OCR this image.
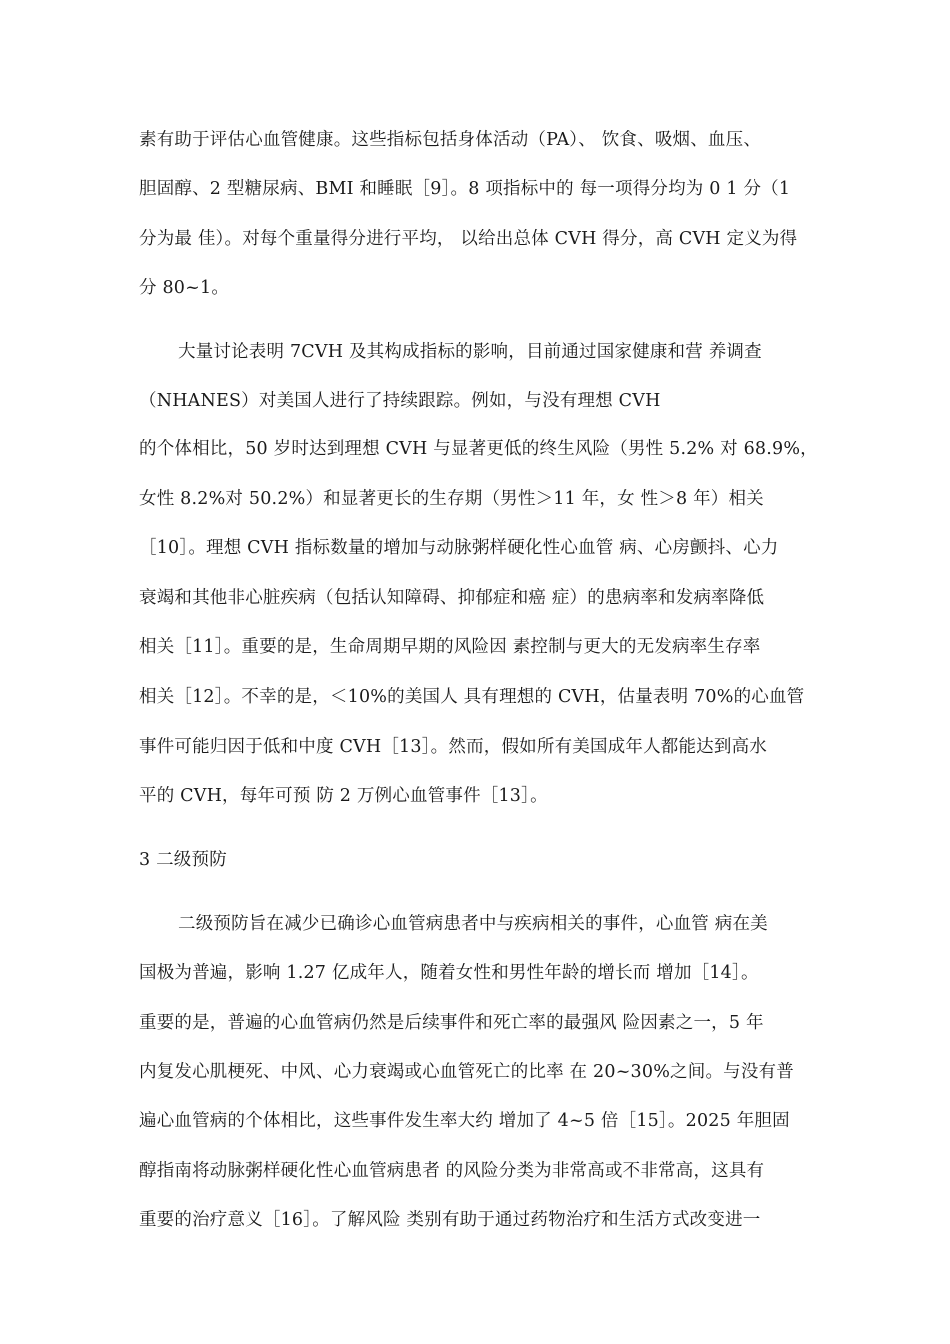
素有助于评估心血管健康。这些指标包括身体活动（PA）、 饮食、吸烟、血压、
胆固醇、2 型糖尿病、BMI 和睡眠［9］。8 项指标中的 每一项得分均为 0 1 分（1
分为最 佳）。对每个重量得分进行平均， 以给出总体 CVH 得分，高 CVH 定义为得
分 80~1。
大量讨论表明 7CVH 及其构成指标的影响，目前通过国家健康和营 养调查
（NHANES）对美国人进行了持续跟踪。例如，与没有理想 CVH
的个体相比，50 岁时达到理想 CVH 与显著更低的终生风险（男性 5.2% 对 68.9%，
女性 8.2%对 50.2%）和显著更长的生存期（男性＞11 年，女 性＞8 年）相关
［10］。理想 CVH 指标数量的增加与动脉粥样硬化性心血管 病、心房颤抖、心力
衰竭和其他非心脏疾病（包括认知障碍、抑郁症和癌 症）的患病率和发病率降低
相关［11］。重要的是，生命周期早期的风险因 素控制与更大的无发病率生存率
相关［12］。不幸的是，＜10%的美国人 具有理想的 CVH，估量表明 70%的心血管
事件可能归因于低和中度 CVH［13］。然而，假如所有美国成年人都能达到高水
平的 CVH，每年可预 防 2 万例心血管事件［13］。
3 二级预防
二级预防旨在减少已确诊心血管病患者中与疾病相关的事件，心血管 病在美
国极为普遍，影响 1.27 亿成年人，随着女性和男性年龄的增长而 增加［14］。
重要的是，普遍的心血管病仍然是后续事件和死亡率的最强风 险因素之一，5 年
内复发心肌梗死、中风、心力衰竭或心血管死亡的比率 在 20~30%之间。与没有普
遍心血管病的个体相比，这些事件发生率大约 增加了 4~5 倍［15］。2025 年胆固
醇指南将动脉粥样硬化性心血管病患者 的风险分类为非常高或不非常高，这具有
重要的治疗意义［16］。了解风险 类别有助于通过药物治疗和生活方式改变进一
